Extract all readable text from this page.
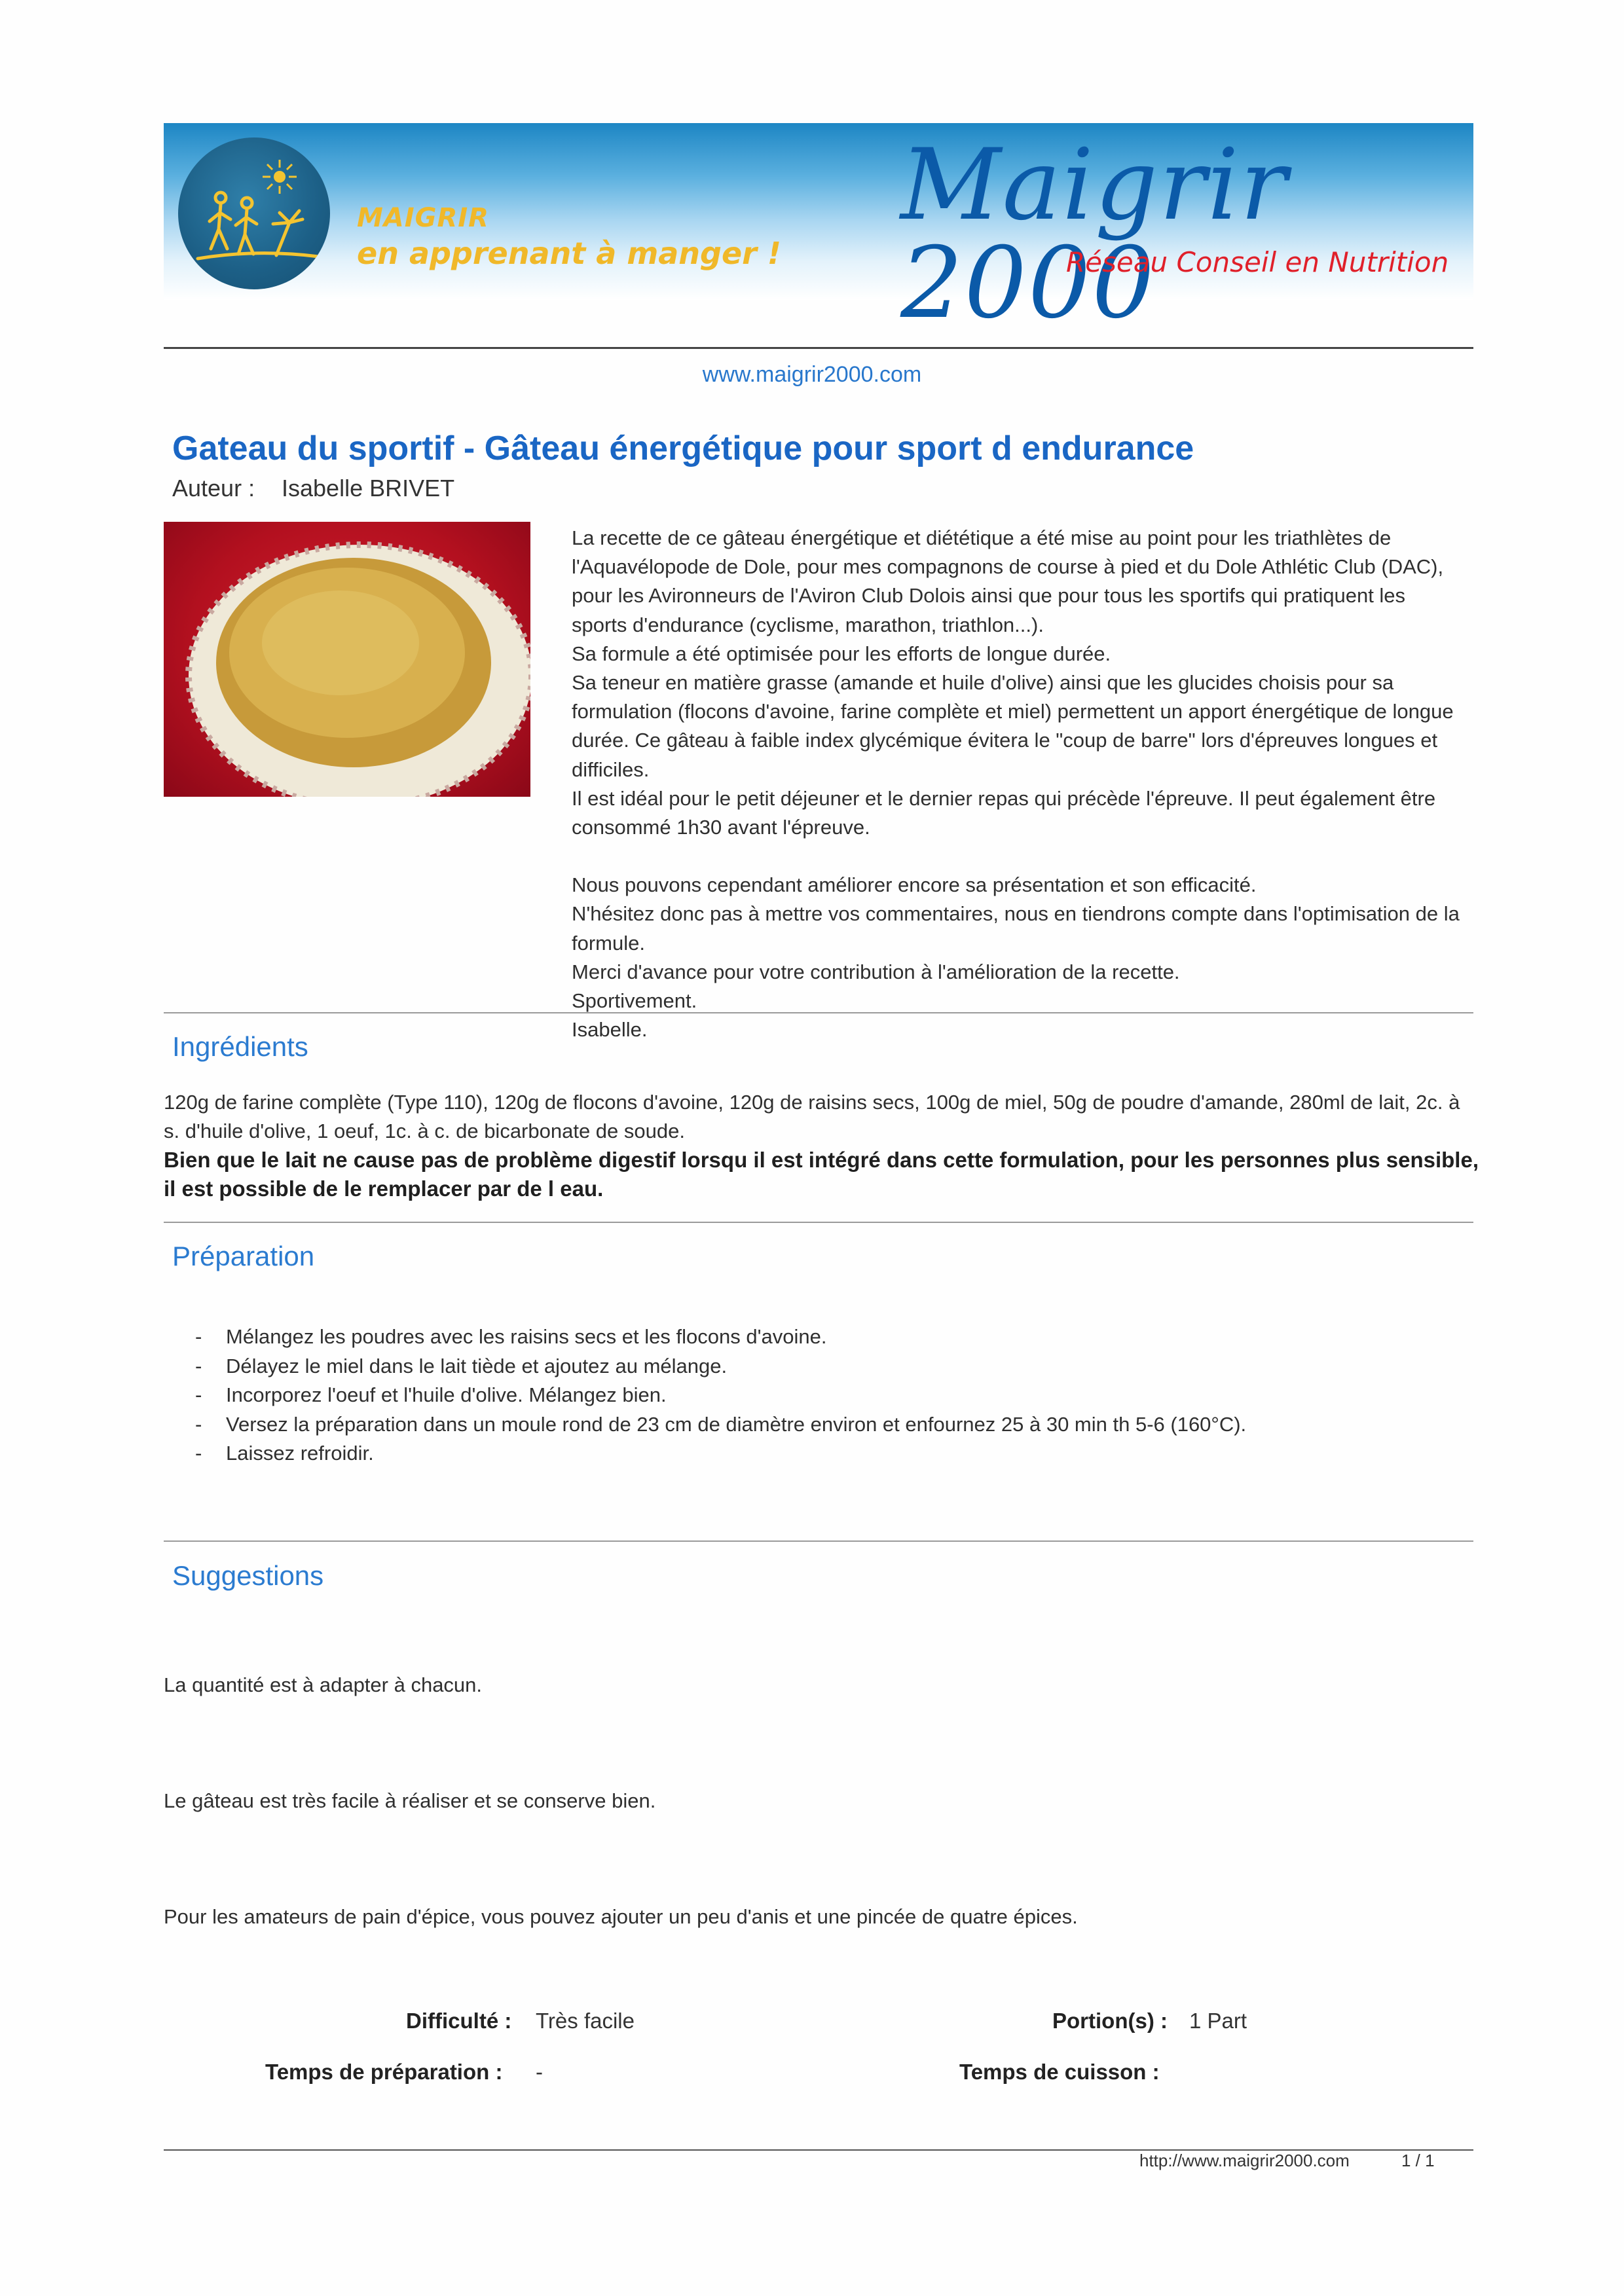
MAIGRIR
en apprenant à manger !
Maigrir 2000
Réseau Conseil en Nutrition
www.maigrir2000.com
Gateau du sportif - Gâteau énergétique pour sport d endurance
Auteur : Isabelle BRIVET

La recette de ce gâteau énergétique et diététique a été mise au point pour les triathlètes de l'Aquavélopode de Dole, pour mes compagnons de course à pied et du Dole Athlétic Club (DAC), pour les Avironneurs de l'Aviron Club Dolois ainsi que pour tous les sportifs qui pratiquent les sports d'endurance (cyclisme, marathon, triathlon...).

Sa formule a été optimisée pour les efforts de longue durée.

Sa teneur en matière grasse (amande et huile d'olive) ainsi que les glucides choisis pour sa formulation (flocons d'avoine, farine complète et miel) permettent un apport énergétique de longue durée. Ce gâteau à faible index glycémique évitera le "coup de barre" lors d'épreuves longues et difficiles.

Il est idéal pour le petit déjeuner et le dernier repas qui précède l'épreuve. Il peut également être consommé 1h30 avant l'épreuve.

Nous pouvons cependant améliorer encore sa présentation et son efficacité.

N'hésitez donc pas à mettre vos commentaires, nous en tiendrons compte dans l'optimisation de la formule.

Merci d'avance pour votre contribution à l'amélioration de la recette.

Sportivement.

Isabelle.

Ingrédients

120g de farine complète (Type 110), 120g de flocons d'avoine, 120g de raisins secs, 100g de miel, 50g de poudre d'amande, 280ml de lait, 2c. à s. d'huile d'olive, 1 oeuf, 1c. à c. de bicarbonate de soude.

Bien que le lait ne cause pas de problème digestif lorsqu il est intégré dans cette formulation, pour les personnes plus sensible, il est possible de le remplacer par de l eau.

Préparation
- Mélangez les poudres avec les raisins secs et les flocons d'avoine.
- Délayez le miel dans le lait tiède et ajoutez au mélange.
- Incorporez l'oeuf et l'huile d'olive. Mélangez bien.
- Versez la préparation dans un moule rond de 23 cm de diamètre environ et enfournez 25 à 30 min th 5-6 (160°C).
- Laissez refroidir.
Suggestions
La quantité est à adapter à chacun.
Le gâteau est très facile à réaliser et se conserve bien.
Pour les amateurs de pain d'épice, vous pouvez ajouter un peu d'anis et une pincée de quatre épices.
Difficulté : Très facile	Portion(s) : 1 Part
Temps de préparation : -	Temps de cuisson :
http://www.maigrir2000.com	1 / 1
